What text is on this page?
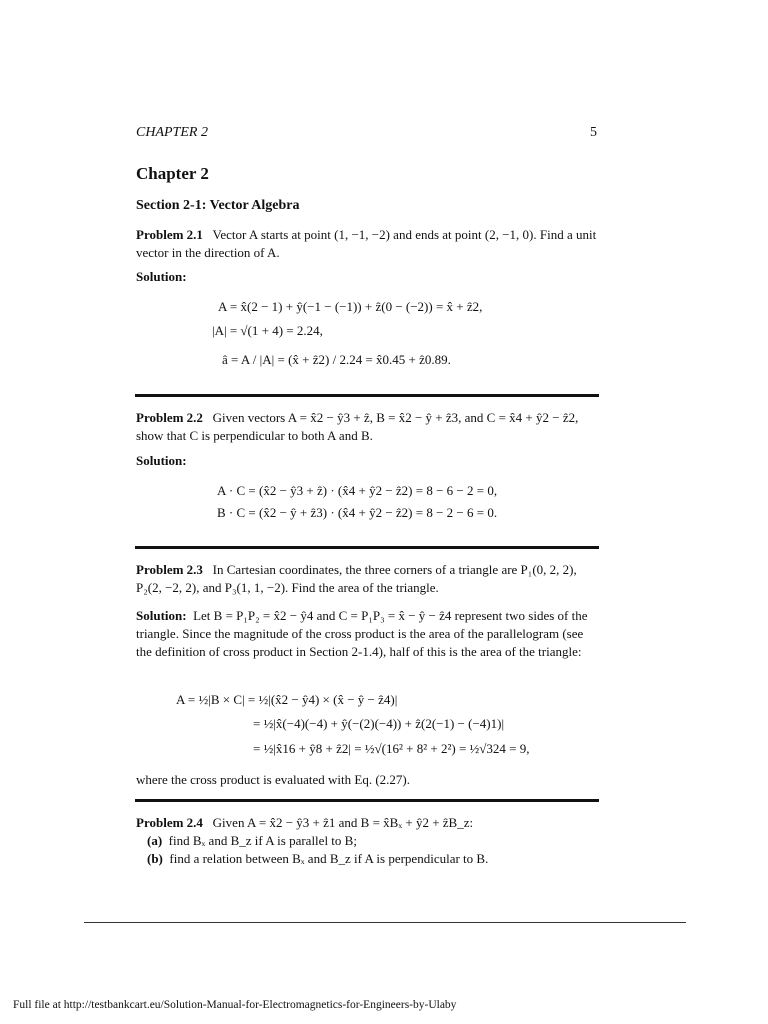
CHAPTER 2	5
Chapter 2
Section 2-1: Vector Algebra
Problem 2.1 Vector A starts at point (1, −1, −2) and ends at point (2, −1, 0). Find a unit vector in the direction of A.
Solution:
A = x̂(2 − 1) + ŷ(−1 − (−1)) + ẑ(0 − (−2)) = x̂ + ẑ2,
|A| = √(1 + 4) = 2.24,
â = A / |A| = (x̂ + ẑ2) / 2.24 = x̂0.45 + ẑ0.89.
Problem 2.2 Given vectors A = x̂2 − ŷ3 + ẑ, B = x̂2 − ŷ + ẑ3, and C = x̂4 + ŷ2 − ẑ2, show that C is perpendicular to both A and B.
Solution:
A · C = (x̂2 − ŷ3 + ẑ) · (x̂4 + ŷ2 − ẑ2) = 8 − 6 − 2 = 0,
B · C = (x̂2 − ŷ + ẑ3) · (x̂4 + ŷ2 − ẑ2) = 8 − 2 − 6 = 0.
Problem 2.3 In Cartesian coordinates, the three corners of a triangle are P₁(0, 2, 2), P₂(2, −2, 2), and P₃(1, 1, −2). Find the area of the triangle.
Solution: Let B = P₁P₂ = x̂2 − ŷ4 and C = P₁P₃ = x̂ − ŷ − ẑ4 represent two sides of the triangle. Since the magnitude of the cross product is the area of the parallelogram (see the definition of cross product in Section 2-1.4), half of this is the area of the triangle:
A = ½|B × C| = ½|(x̂2 − ŷ4) × (x̂ − ŷ − ẑ4)|
= ½|x̂(−4)(−4) + ŷ(−(2)(−4)) + ẑ(2(−1) − (−4)1)|
= ½|x̂16 + ŷ8 + ẑ2| = ½√(16² + 8² + 2²) = ½√324 = 9,
where the cross product is evaluated with Eq. (2.27).
Problem 2.4 Given A = x̂2 − ŷ3 + ẑ1 and B = x̂Bₓ + ŷ2 + ẑB_z:
(a) find Bₓ and B_z if A is parallel to B;
(b) find a relation between Bₓ and B_z if A is perpendicular to B.
Full file at http://testbankcart.eu/Solution-Manual-for-Electromagnetics-for-Engineers-by-Ulaby
